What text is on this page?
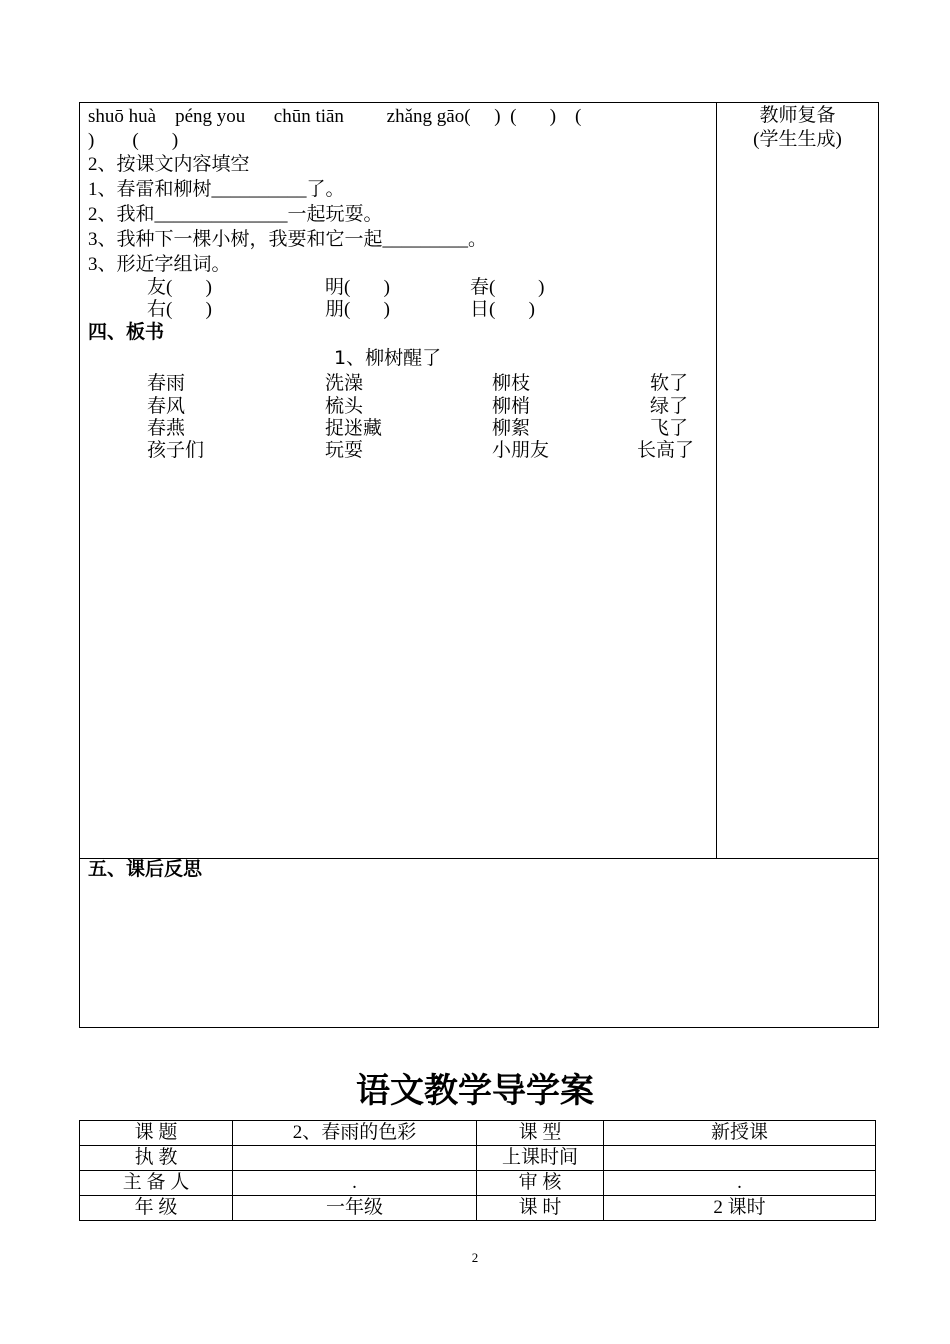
shuō huà    péng you      chūn tiān         zhǎng gāo(     )  (       )    (
)        (       )
2、按课文内容填空
1、春雷和柳树__________了。
2、我和______________一起玩耍。
3、我种下一棵小树，我要和它一起_________。
3、形近字组词。
友(       )	明(       )	春(         )
右(       )	朋(       )	日(       )
四、板书
1、柳树醒了
春雨	洗澡	柳枝	软了
春风	梳头	柳梢	绿了
春燕	捉迷藏	柳絮	飞了
孩子们	玩耍	小朋友	长高了
教师复备
(学生生成)
五、课后反思
语文教学导学案
课 题	2、春雨的色彩	课 型	新授课
执 教		上课时间	
主 备 人	.	审 核	.
年 级	一年级	课 时	2 课时
2
